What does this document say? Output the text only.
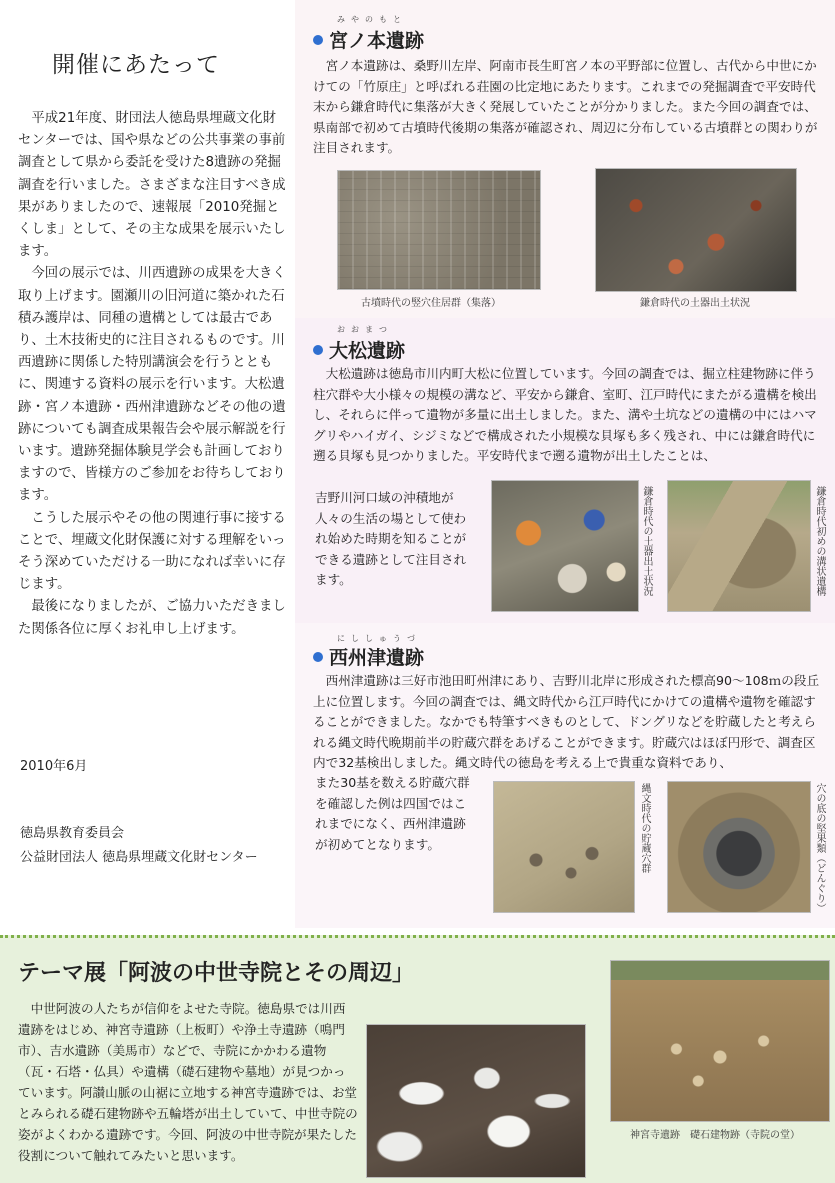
開催にあたって

平成21年度、財団法人徳島県埋蔵文化財センターでは、国や県などの公共事業の事前調査として県から委託を受けた8遺跡の発掘調査を行いました。さまざまな注目すべき成果がありましたので、速報展「2010発掘とくしま」として、その主な成果を展示いたします。

今回の展示では、川西遺跡の成果を大きく取り上げます。園瀬川の旧河道に築かれた石積み護岸は、同種の遺構としては最古であり、土木技術史的に注目されるものです。川西遺跡に関係した特別講演会を行うとともに、関連する資料の展示を行います。大松遺跡・宮ノ本遺跡・西州津遺跡などその他の遺跡についても調査成果報告会や展示解説を行います。遺跡発掘体験見学会も計画しておりますので、皆様方のご参加をお待ちしております。

こうした展示やその他の関連行事に接することで、埋蔵文化財保護に対する理解をいっそう深めていただける一助になれば幸いに存じます。

最後になりましたが、ご協力いただきました関係各位に厚くお礼申し上げます。

2010年6月
徳島県教育委員会
公益財団法人 徳島県埋蔵文化財センター
みやのもと
宮ノ本遺跡
宮ノ本遺跡は、桑野川左岸、阿南市長生町宮ノ本の平野部に位置し、古代から中世にかけての「竹原庄」と呼ばれる荘園の比定地にあたります。これまでの発掘調査で平安時代末から鎌倉時代に集落が大きく発展していたことが分かりました。また今回の調査では、県南部で初めて古墳時代後期の集落が確認され、周辺に分布している古墳群との関わりが注目されます。
古墳時代の竪穴住居群（集落）	鎌倉時代の土器出土状況
おおまつ
大松遺跡
大松遺跡は徳島市川内町大松に位置しています。今回の調査では、掘立柱建物跡に伴う柱穴群や大小様々の規模の溝など、平安から鎌倉、室町、江戸時代にまたがる遺構を検出し、それらに伴って遺物が多量に出土しました。また、溝や土坑などの遺構の中にはハマグリやハイガイ、シジミなどで構成された小規模な貝塚も多く残され、中には鎌倉時代に遡る貝塚も見つかりました。平安時代まで遡る遺物が出土したことは、
吉野川河口域の沖積地が人々の生活の場として使われ始めた時期を知ることができる遺跡として注目されます。	鎌倉時代の土器出土状況	鎌倉時代初めの溝状遺構
にししゅうづ
西州津遺跡
西州津遺跡は三好市池田町州津にあり、吉野川北岸に形成された標高90～108ｍの段丘上に位置します。今回の調査では、縄文時代から江戸時代にかけての遺構や遺物を確認することができました。なかでも特筆すべきものとして、ドングリなどを貯蔵したと考えられる縄文時代晩期前半の貯蔵穴群をあげることができます。貯蔵穴はほぼ円形で、調査区内で32基検出しました。縄文時代の徳島を考える上で貴重な資料であり、
また30基を数える貯蔵穴群を確認した例は四国ではこれまでになく、西州津遺跡が初めてとなります。	縄文時代の貯蔵穴群	穴の底の堅果類（どんぐり）
テーマ展「阿波の中世寺院とその周辺」
中世阿波の人たちが信仰をよせた寺院。徳島県では川西遺跡をはじめ、神宮寺遺跡（上板町）や浄土寺遺跡（鳴門市）、吉水遺跡（美馬市）などで、寺院にかかわる遺物（瓦・石塔・仏具）や遺構（礎石建物や墓地）が見つかっています。阿讃山脈の山裾に立地する神宮寺遺跡では、お堂とみられる礎石建物跡や五輪塔が出土していて、中世寺院の姿がよくわかる遺跡です。今回、阿波の中世寺院が果たした役割について触れてみたいと思います。
神宮寺遺跡　礎石建物跡（寺院の堂）
